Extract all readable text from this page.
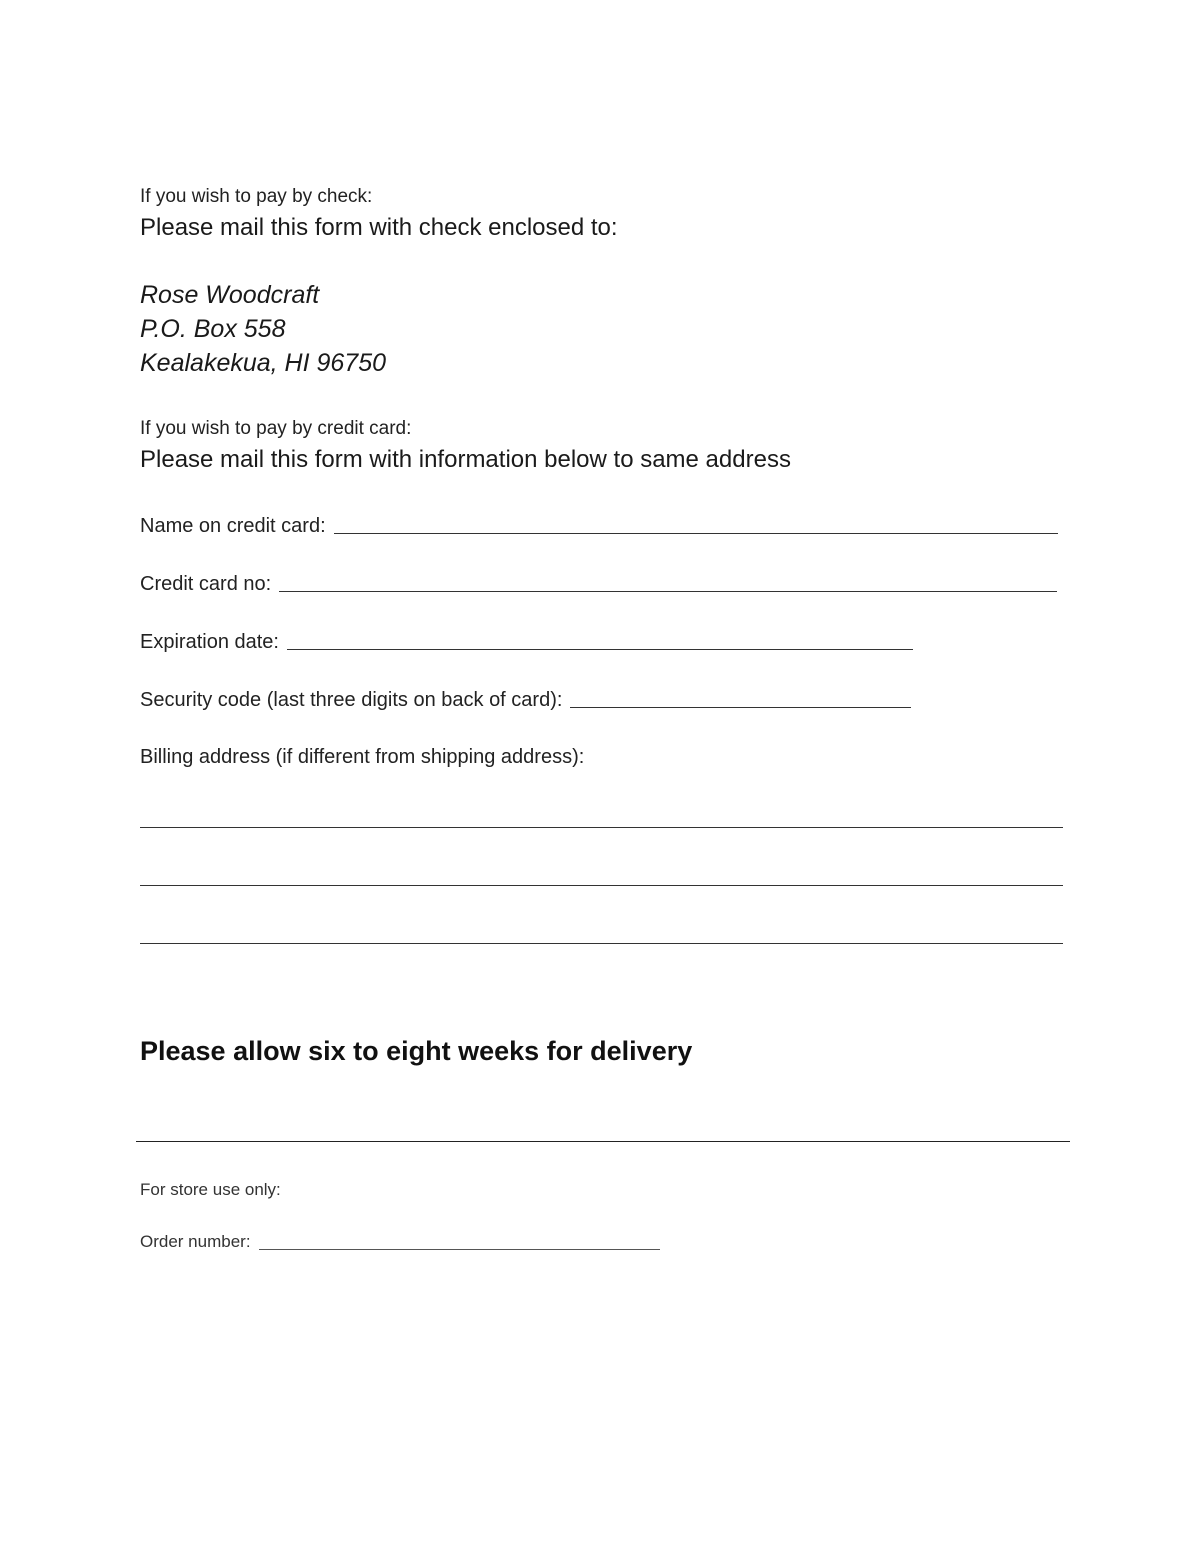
If you wish to pay by check:
Please mail this form with check enclosed to:
Rose Woodcraft
P.O. Box 558
Kealakekua, HI 96750
If you wish to pay by credit card:
Please mail this form with information below to same address
Name on credit card:
Credit card no:
Expiration date:
Security code (last three digits on back of card):
Billing address (if different from shipping address):
Please allow six to eight weeks for delivery
For store use only:
Order number:
